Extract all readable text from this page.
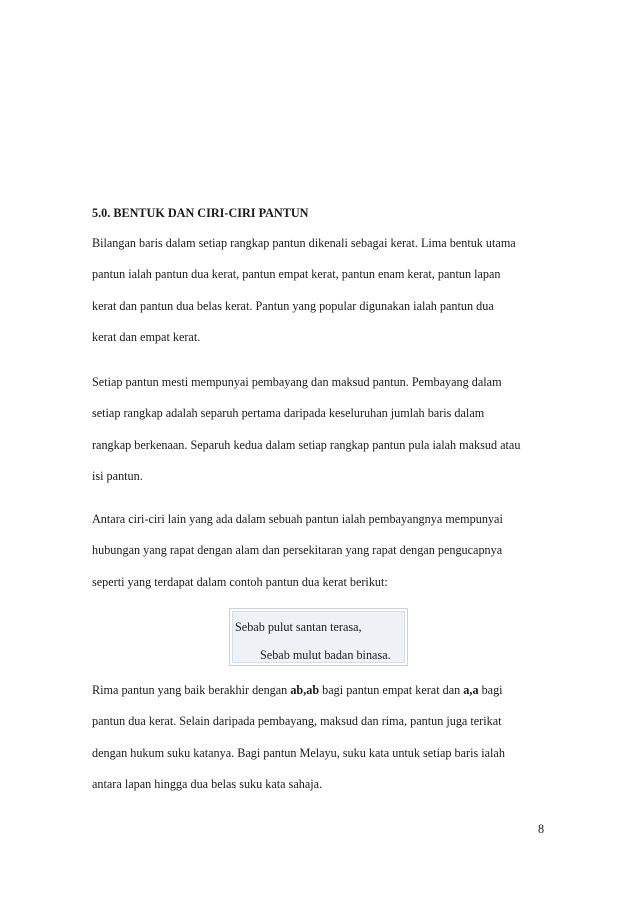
5.0. BENTUK DAN CIRI-CIRI PANTUN
Bilangan baris dalam setiap rangkap pantun dikenali sebagai kerat. Lima bentuk utama
pantun ialah pantun dua kerat, pantun empat kerat, pantun enam kerat, pantun lapan
kerat dan pantun dua belas kerat. Pantun yang popular digunakan ialah pantun dua
kerat dan empat kerat.
Setiap pantun mesti mempunyai pembayang dan maksud pantun. Pembayang dalam
setiap rangkap adalah separuh pertama daripada keseluruhan jumlah baris dalam
rangkap berkenaan. Separuh kedua dalam setiap rangkap pantun pula ialah maksud atau
isi pantun.
Antara ciri-ciri lain yang ada dalam sebuah pantun ialah pembayangnya mempunyai
hubungan yang rapat dengan alam dan persekitaran yang rapat dengan pengucapnya
seperti yang terdapat dalam contoh pantun dua kerat berikut:
Sebab pulut santan terasa,
Sebab mulut badan binasa.
Rima pantun yang baik berakhir dengan ab,ab bagi pantun empat kerat dan a,a bagi
pantun dua kerat. Selain daripada pembayang, maksud dan rima, pantun juga terikat
dengan hukum suku katanya. Bagi pantun Melayu, suku kata untuk setiap baris ialah
antara lapan hingga dua belas suku kata sahaja.
8
